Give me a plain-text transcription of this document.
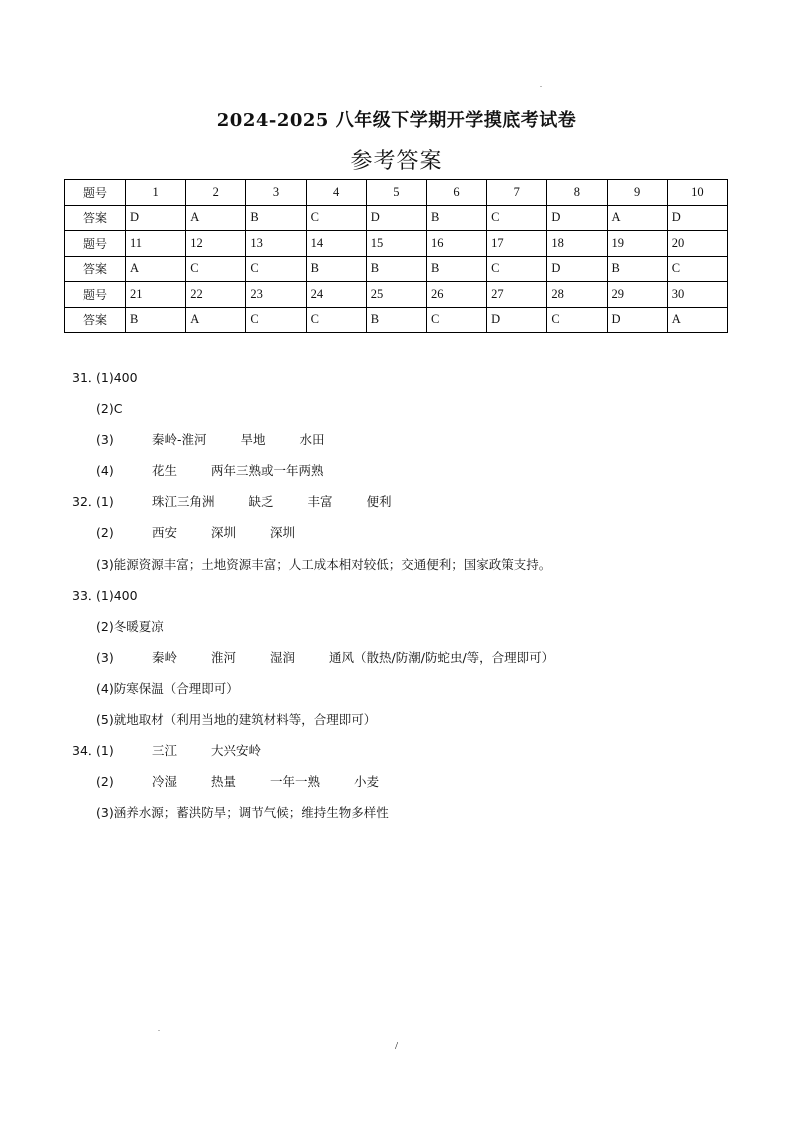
2024-2025 八年级下学期开学摸底考试卷
参考答案
题号	1	2	3	4	5	6	7	8	9	10
答案	D	A	B	C	D	B	C	D	A	D
题号	11	12	13	14	15	16	17	18	19	20
答案	A	C	C	B	B	B	C	D	B	C
题号	21	22	23	24	25	26	27	28	29	30
答案	B	A	C	C	B	C	D	C	D	A
31．(1)400
(2)C
(3)	秦岭-淮河	旱地	水田
(4)	花生	两年三熟或一年两熟
32．(1)	珠江三角洲	缺乏	丰富	便利
(2)	西安	深圳	深圳
(3)能源资源丰富；土地资源丰富；人工成本相对较低；交通便利；国家政策支持。
33．(1)400
(2)冬暖夏凉
(3)	秦岭	淮河	湿润	通风（散热/防潮/防蛇虫/等，合理即可）
(4)防寒保温（合理即可）
(5)就地取材（利用当地的建筑材料等，合理即可）
34．(1)	三江	大兴安岭
(2)	冷湿	热量	一年一熟	小麦
(3)涵养水源；蓄洪防旱；调节气候；维持生物多样性
/
